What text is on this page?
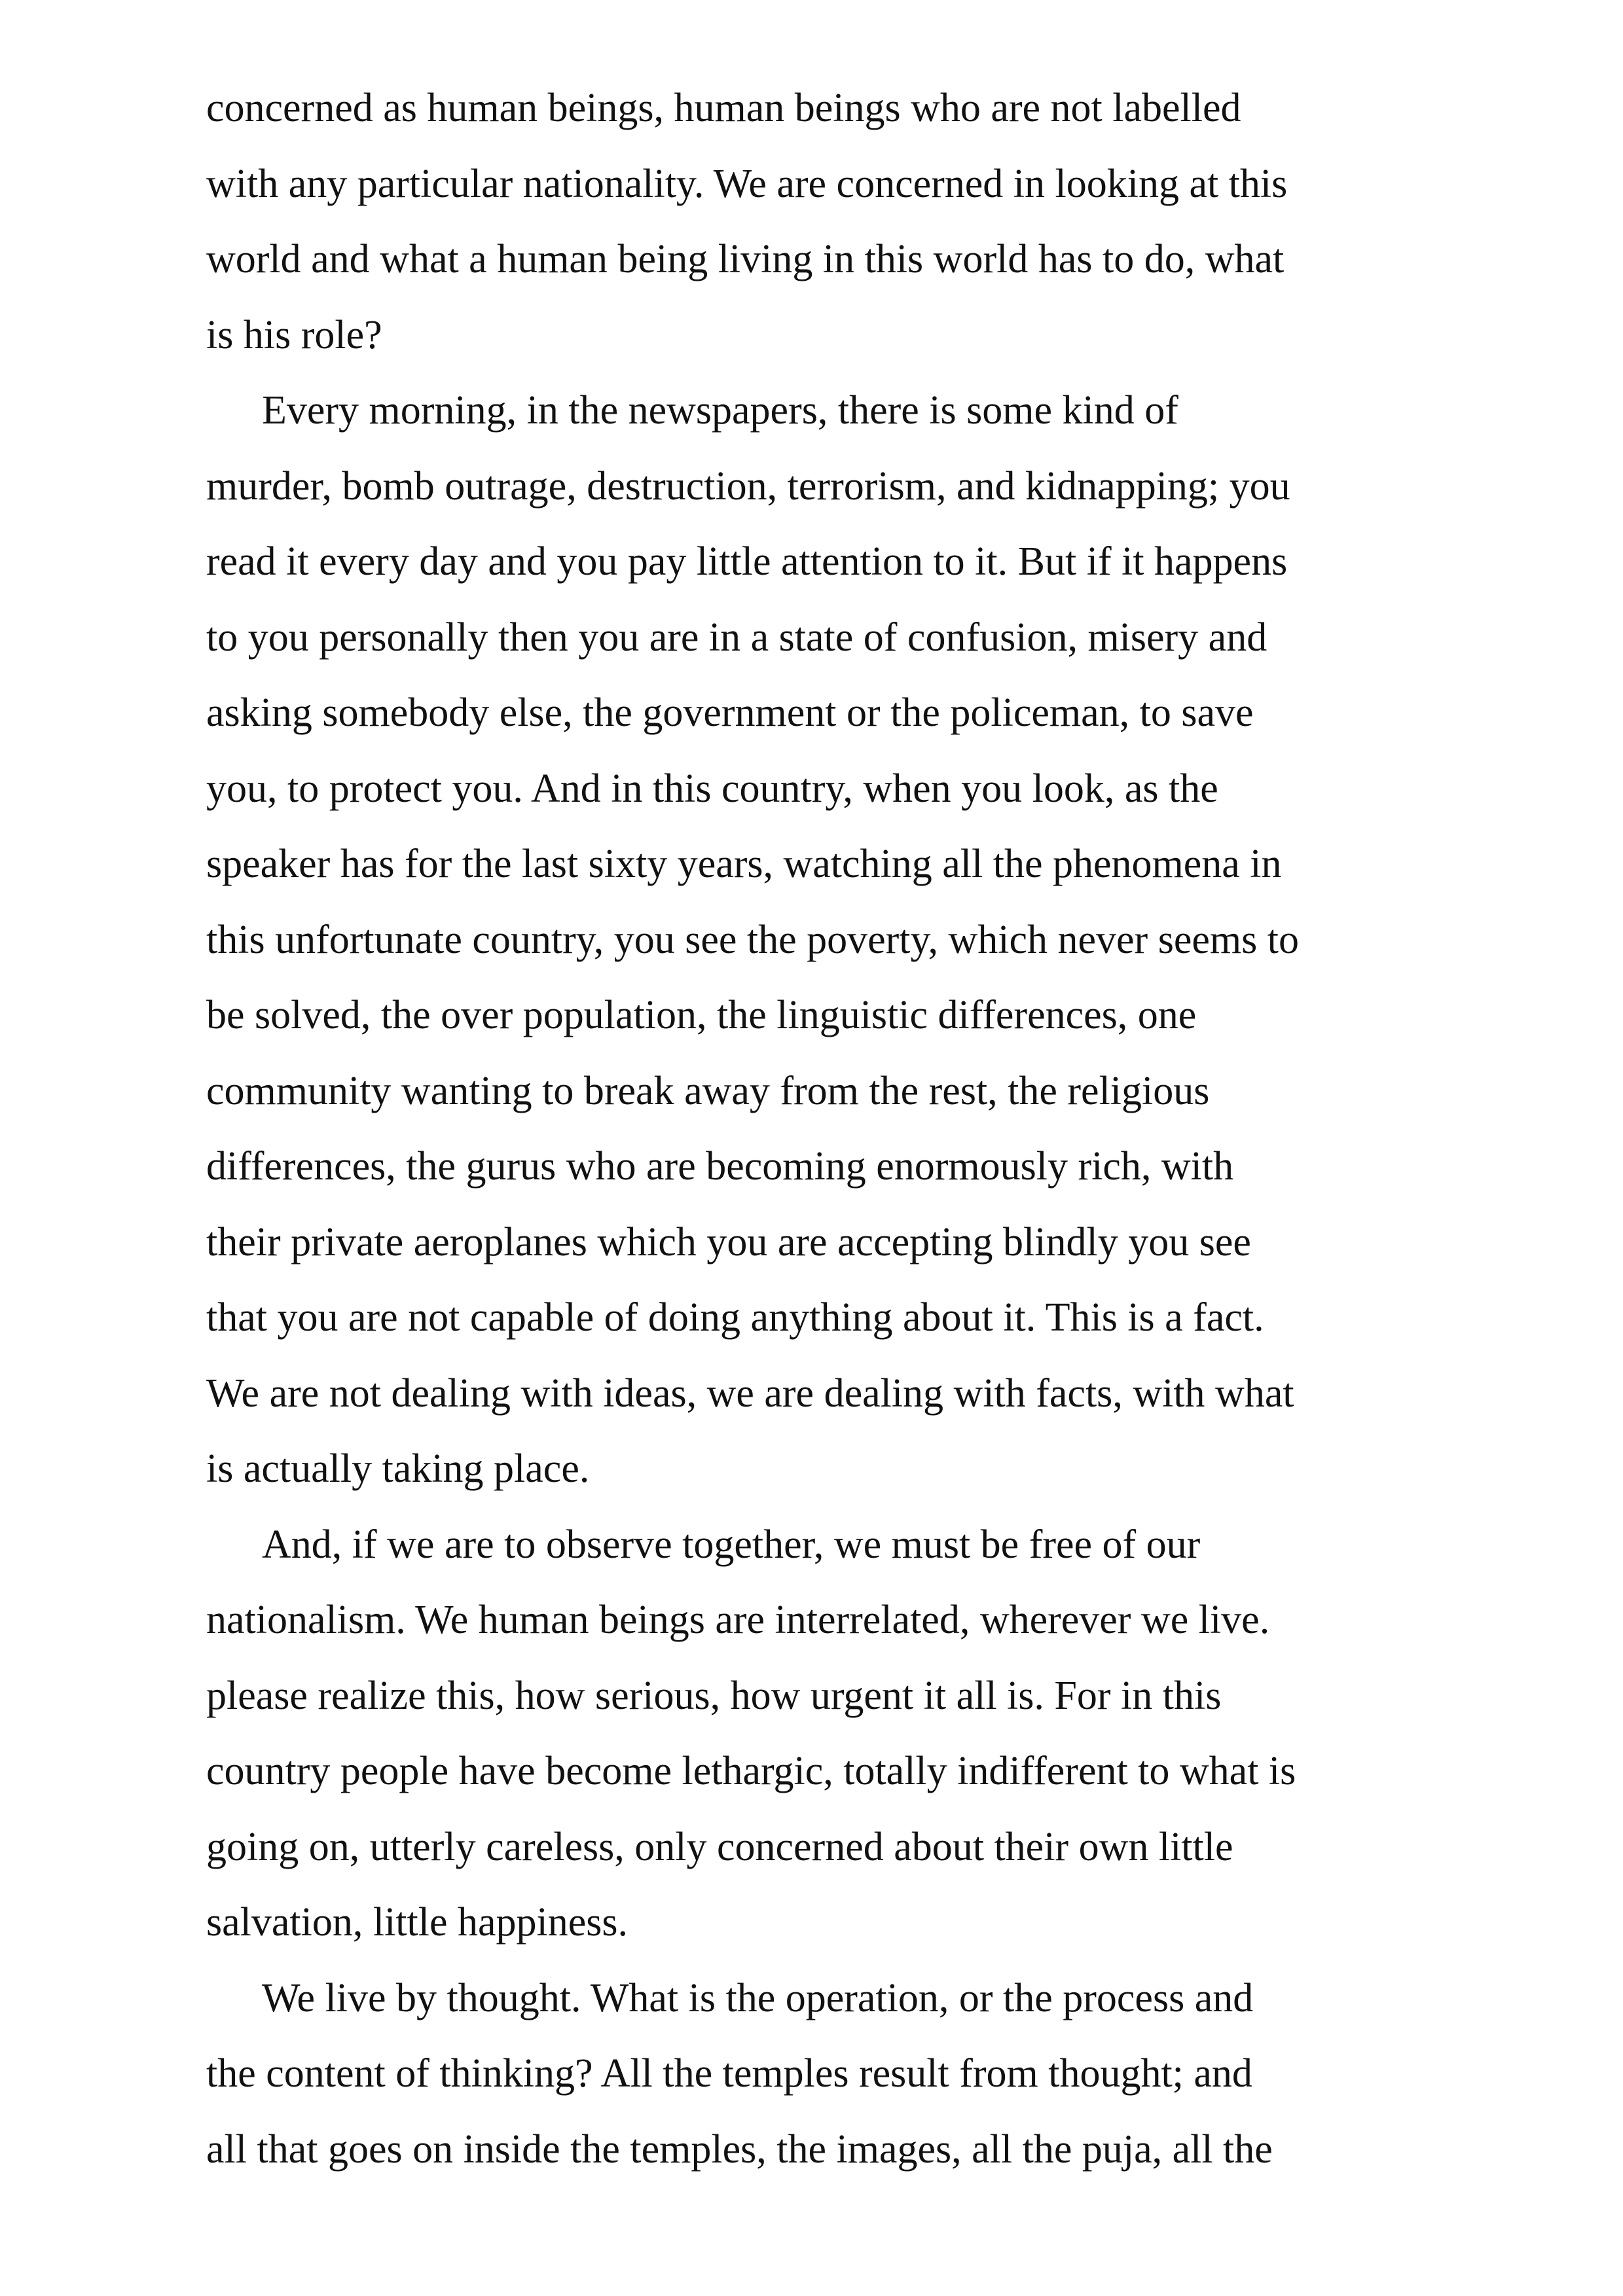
concerned as human beings, human beings who are not labelled
with any particular nationality. We are concerned in looking at this
world and what a human being living in this world has to do, what
is his role?

Every morning, in the newspapers, there is some kind of
murder, bomb outrage, destruction, terrorism, and kidnapping; you
read it every day and you pay little attention to it. But if it happens
to you personally then you are in a state of confusion, misery and
asking somebody else, the government or the policeman, to save
you, to protect you. And in this country, when you look, as the
speaker has for the last sixty years, watching all the phenomena in
this unfortunate country, you see the poverty, which never seems to
be solved, the over population, the linguistic differences, one
community wanting to break away from the rest, the religious
differences, the gurus who are becoming enormously rich, with
their private aeroplanes which you are accepting blindly you see
that you are not capable of doing anything about it. This is a fact.
We are not dealing with ideas, we are dealing with facts, with what
is actually taking place.

And, if we are to observe together, we must be free of our
nationalism. We human beings are interrelated, wherever we live.
please realize this, how serious, how urgent it all is. For in this
country people have become lethargic, totally indifferent to what is
going on, utterly careless, only concerned about their own little
salvation, little happiness.

We live by thought. What is the operation, or the process and
the content of thinking? All the temples result from thought; and
all that goes on inside the temples, the images, all the puja, all the
